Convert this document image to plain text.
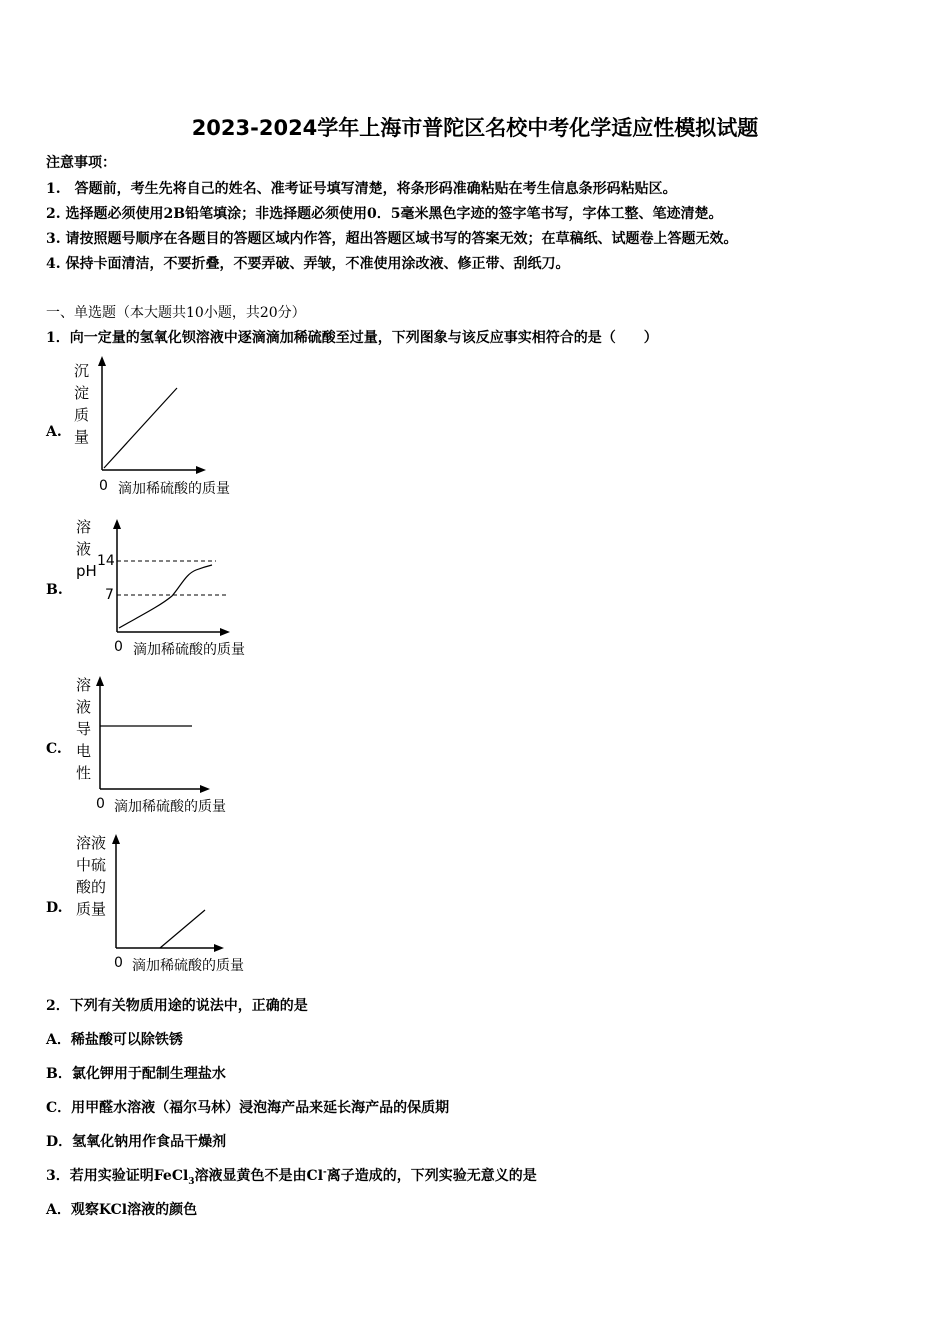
2023-2024学年上海市普陀区名校中考化学适应性模拟试题
注意事项：
1.　答题前，考生先将自己的姓名、准考证号填写清楚，将条形码准确粘贴在考生信息条形码粘贴区。
2. 选择题必须使用2B铅笔填涂；非选择题必须使用0．5毫米黑色字迹的签字笔书写，字体工整、笔迹清楚。
3. 请按照题号顺序在各题目的答题区域内作答，超出答题区域书写的答案无效；在草稿纸、试题卷上答题无效。
4. 保持卡面清洁，不要折叠，不要弄破、弄皱，不准使用涂改液、修正带、刮纸刀。
一、单选题（本大题共10小题，共20分）
1．向一定量的氢氧化钡溶液中逐滴滴加稀硫酸至过量，下列图象与该反应事实相符合的是（　　）
A.
沉淀质量
0 滴加稀硫酸的质量
B.
溶液pH
14
7
0 滴加稀硫酸的质量
C.
溶液导电性
0 滴加稀硫酸的质量
D.
溶液中硫酸的质量
0 滴加稀硫酸的质量
2．下列有关物质用途的说法中，正确的是
A．稀盐酸可以除铁锈
B．氯化钾用于配制生理盐水
C．用甲醛水溶液（福尔马林）浸泡海产品来延长海产品的保质期
D．氢氧化钠用作食品干燥剂
3．若用实验证明FeCl$_3$溶液显黄色不是由Cl-离子造成的，下列实验无意义的是
A．观察KCl溶液的颜色
